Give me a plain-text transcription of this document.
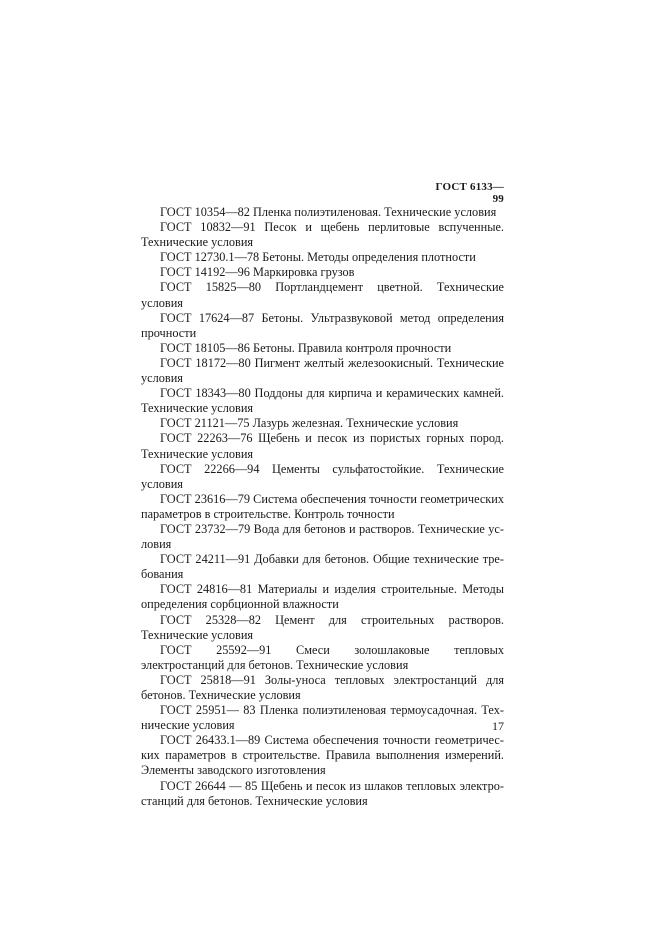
ГОСТ 6133—99
ГОСТ 10354—82 Пленка полиэтиленовая. Технические условия
ГОСТ 10832—91 Песок и щебень перлитовые вспученные. Технические условия
ГОСТ 12730.1—78 Бетоны. Методы определения плотности
ГОСТ 14192—96 Маркировка грузов
ГОСТ 15825—80 Портландцемент цветной. Технические условия
ГОСТ 17624—87 Бетоны. Ультразвуковой метод определения прочности
ГОСТ 18105—86 Бетоны. Правила контроля прочности
ГОСТ 18172—80 Пигмент желтый железоокисный. Технические условия
ГОСТ 18343—80 Поддоны для кирпича и керамических камней. Технические условия
ГОСТ 21121—75 Лазурь железная. Технические условия
ГОСТ 22263—76 Щебень и песок из пористых горных пород. Технические условия
ГОСТ 22266—94 Цементы сульфатостойкие. Технические условия
ГОСТ 23616—79 Система обеспечения точности геометрических параметров в строительстве. Контроль точности
ГОСТ 23732—79 Вода для бетонов и растворов. Технические условия
ГОСТ 24211—91 Добавки для бетонов. Общие технические требования
ГОСТ 24816—81 Материалы и изделия строительные. Методы определения сорбционной влажности
ГОСТ 25328—82 Цемент для строительных растворов. Технические условия
ГОСТ 25592—91 Смеси золошлаковые тепловых электростанций для бетонов. Технические условия
ГОСТ 25818—91 Золы-уноса тепловых электростанций для бетонов. Технические условия
ГОСТ 25951— 83 Пленка полиэтиленовая термоусадочная. Технические условия
ГОСТ 26433.1—89 Система обеспечения точности геометрических параметров в строительстве. Правила выполнения измерений. Элементы заводского изготовления
ГОСТ 26644 — 85 Щебень и песок из шлаков тепловых электростанций для бетонов. Технические условия
17
